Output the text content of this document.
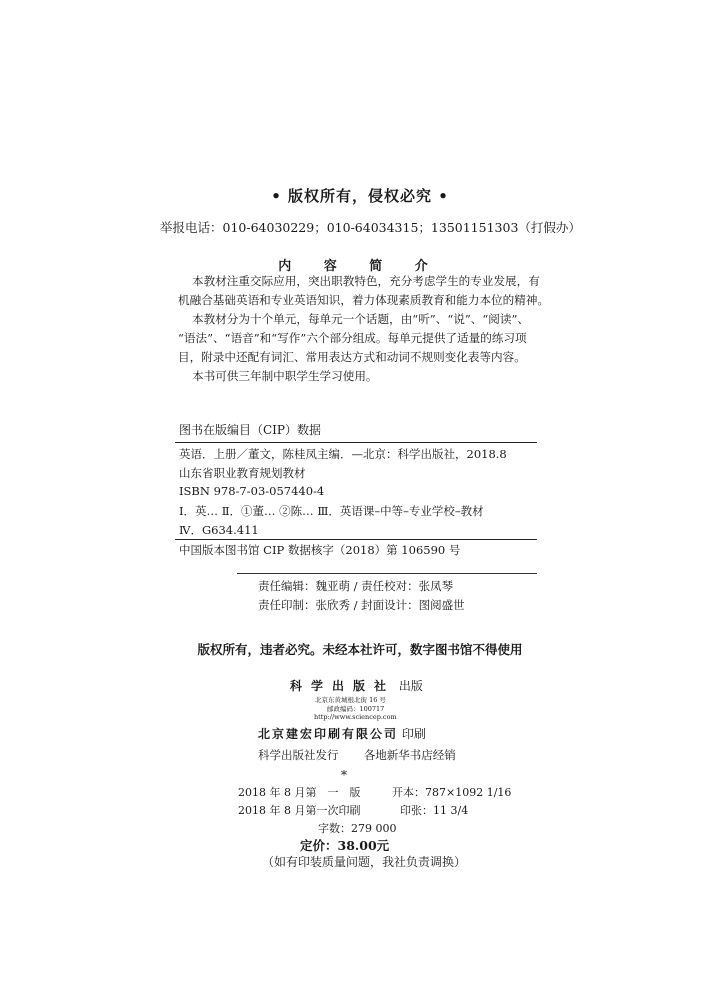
• 版权所有，侵权必究 •
举报电话：010-64030229；010-64034315；13501151303（打假办）
内 容 简 介
本教材注重交际应用，突出职教特色，充分考虑学生的专业发展，有
机融合基础英语和专业英语知识，着力体现素质教育和能力本位的精神。
本教材分为十个单元，每单元一个话题，由“听”、“说”、“阅读”、
“语法”、“语音”和“写作”六个部分组成。每单元提供了适量的练习项
目，附录中还配有词汇、常用表达方式和动词不规则变化表等内容。
本书可供三年制中职学生学习使用。
图书在版编目（CIP）数据
英语．上册／董文，陈桂凤主编．—北京：科学出版社，2018.8
山东省职业教育规划教材
ISBN 978-7-03-057440-4
Ⅰ．英… Ⅱ．①董… ②陈… Ⅲ．英语课–中等–专业学校–教材
Ⅳ．G634.411
中国版本图书馆 CIP 数据核字（2018）第 106590 号
责任编辑：魏亚萌 / 责任校对：张凤琴
责任印制：张欣秀 / 封面设计：图阅盛世
版权所有，违者必究。未经本社许可，数字图书馆不得使用
科学出版社 出版
北京东黄城根北街 16 号
邮政编码：100717
http://www.sciencep.com
北京建宏印刷有限公司 印刷
科学出版社发行 各地新华书店经销
*
2018 年 8 月第　一　版	开本：787×1092 1/16
2018 年 8 月第一次印刷	印张：11 3/4
字数：279 000
定价：38.00元
（如有印装质量问题，我社负责调换）
